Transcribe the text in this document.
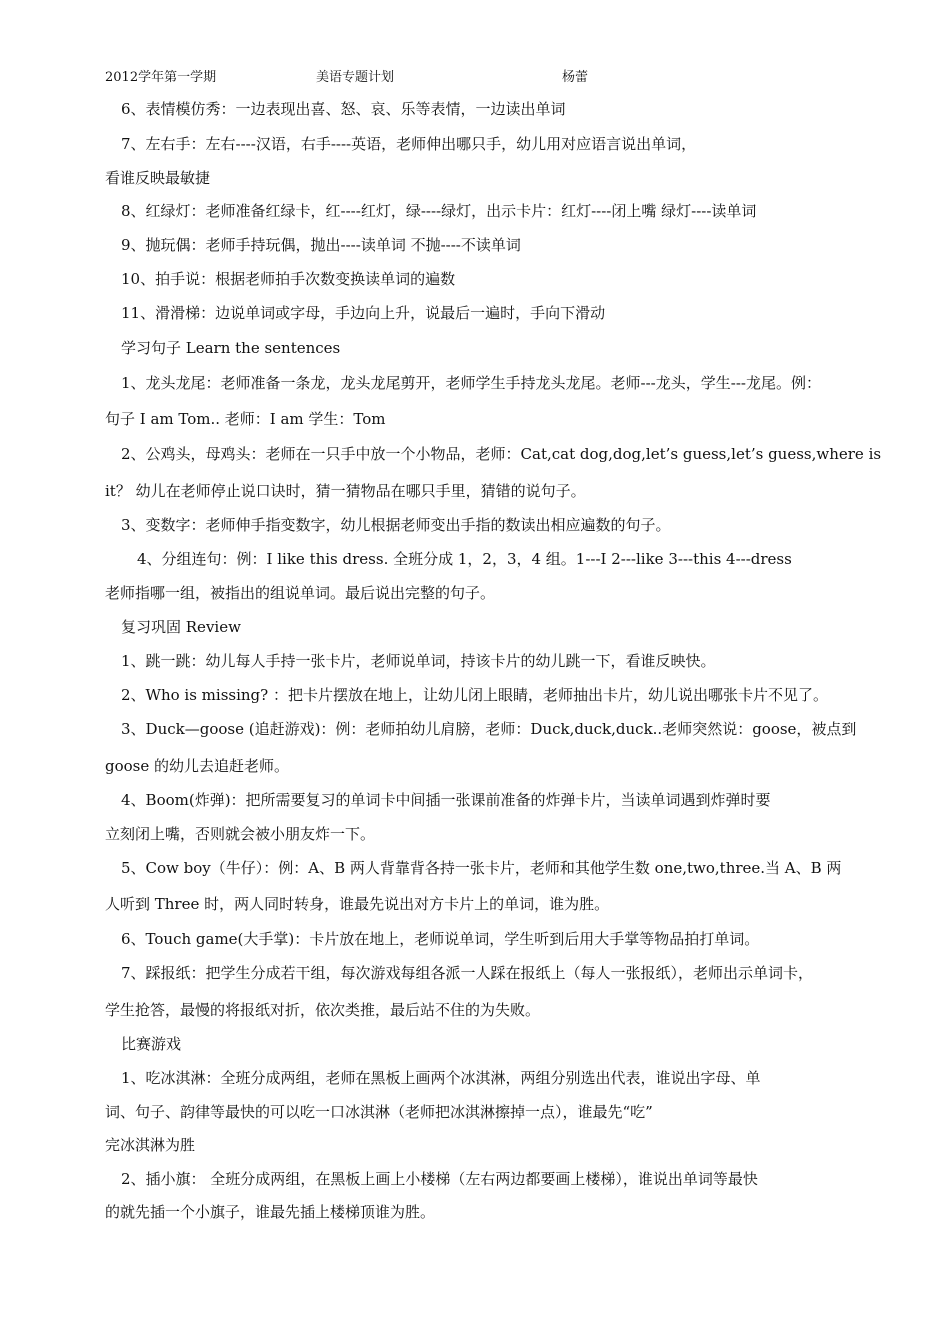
2012学年第一学期	美语专题计划	杨蕾
6、表情模仿秀：一边表现出喜、怒、哀、乐等表情，一边读出单词
7、左右手：左右----汉语，右手----英语，老师伸出哪只手，幼儿用对应语言说出单词，
看谁反映最敏捷
8、红绿灯：老师准备红绿卡，红----红灯，绿----绿灯，出示卡片：红灯----闭上嘴 绿灯----读单词
9、抛玩偶：老师手持玩偶，抛出----读单词 不抛----不读单词
10、拍手说：根据老师拍手次数变换读单词的遍数
11、滑滑梯：边说单词或字母，手边向上升，说最后一遍时，手向下滑动
学习句子 Learn the sentences
1、龙头龙尾：老师准备一条龙，龙头龙尾剪开，老师学生手持龙头龙尾。老师---龙头，学生---龙尾。例：
句子 I am Tom.. 老师：I am 学生：Tom
2、公鸡头，母鸡头：老师在一只手中放一个小物品，老师：Cat,cat dog,dog,let’s guess,let’s guess,where is
it？ 幼儿在老师停止说口诀时，猜一猜物品在哪只手里，猜错的说句子。
3、变数字：老师伸手指变数字，幼儿根据老师变出手指的数读出相应遍数的句子。
4、分组连句：例：I like this dress. 全班分成 1，2，3，4 组。1---I 2---like 3---this 4---dress
老师指哪一组，被指出的组说单词。最后说出完整的句子。
复习巩固 Review
1、跳一跳：幼儿每人手持一张卡片，老师说单词，持该卡片的幼儿跳一下，看谁反映快。
2、Who is missing? ：把卡片摆放在地上，让幼儿闭上眼睛，老师抽出卡片，幼儿说出哪张卡片不见了。
3、Duck—goose (追赶游戏)：例：老师拍幼儿肩膀，老师：Duck,duck,duck..老师突然说：goose，被点到
goose 的幼儿去追赶老师。
4、Boom(炸弹)：把所需要复习的单词卡中间插一张课前准备的炸弹卡片，当读单词遇到炸弹时要
立刻闭上嘴，否则就会被小朋友炸一下。
5、Cow boy（牛仔）：例：A、B 两人背靠背各持一张卡片，老师和其他学生数 one,two,three.当 A、B 两
人听到 Three 时，两人同时转身，谁最先说出对方卡片上的单词，谁为胜。
6、Touch game(大手掌)：卡片放在地上，老师说单词，学生听到后用大手掌等物品拍打单词。
7、踩报纸：把学生分成若干组，每次游戏每组各派一人踩在报纸上（每人一张报纸），老师出示单词卡，
学生抢答，最慢的将报纸对折，依次类推，最后站不住的为失败。
比赛游戏
1、吃冰淇淋：全班分成两组，老师在黑板上画两个冰淇淋，两组分别选出代表，谁说出字母、单
词、句子、韵律等最快的可以吃一口冰淇淋（老师把冰淇淋擦掉一点），谁最先“吃”
完冰淇淋为胜
2、插小旗： 全班分成两组，在黑板上画上小楼梯（左右两边都要画上楼梯），谁说出单词等最快
的就先插一个小旗子，谁最先插上楼梯顶谁为胜。
